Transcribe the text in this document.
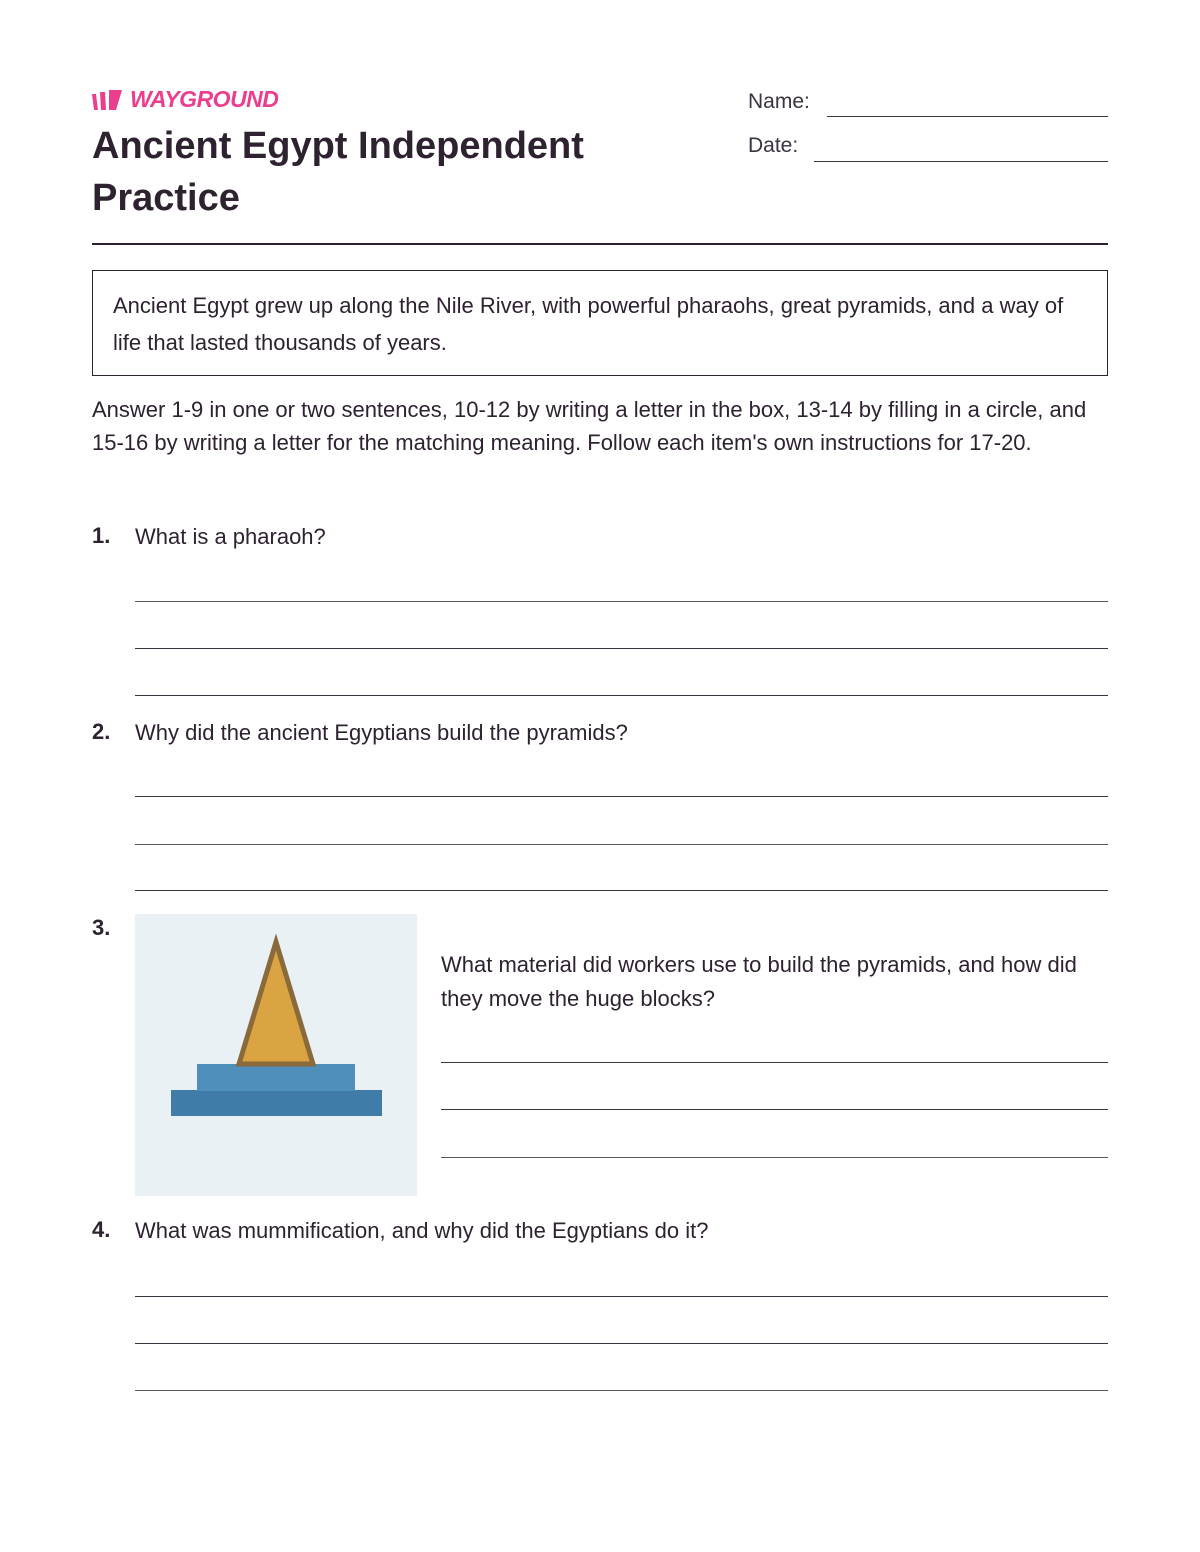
WAYGROUND
Ancient Egypt Independent Practice
Name:
Date:
Ancient Egypt grew up along the Nile River, with powerful pharaohs, great pyramids, and a way of life that lasted thousands of years.
Answer 1-9 in one or two sentences, 10-12 by writing a letter in the box, 13-14 by filling in a circle, and 15-16 by writing a letter for the matching meaning. Follow each item's own instructions for 17-20.
1. What is a pharaoh?
2. Why did the ancient Egyptians build the pyramids?
3.
What material did workers use to build the pyramids, and how did they move the huge blocks?
4. What was mummification, and why did the Egyptians do it?
